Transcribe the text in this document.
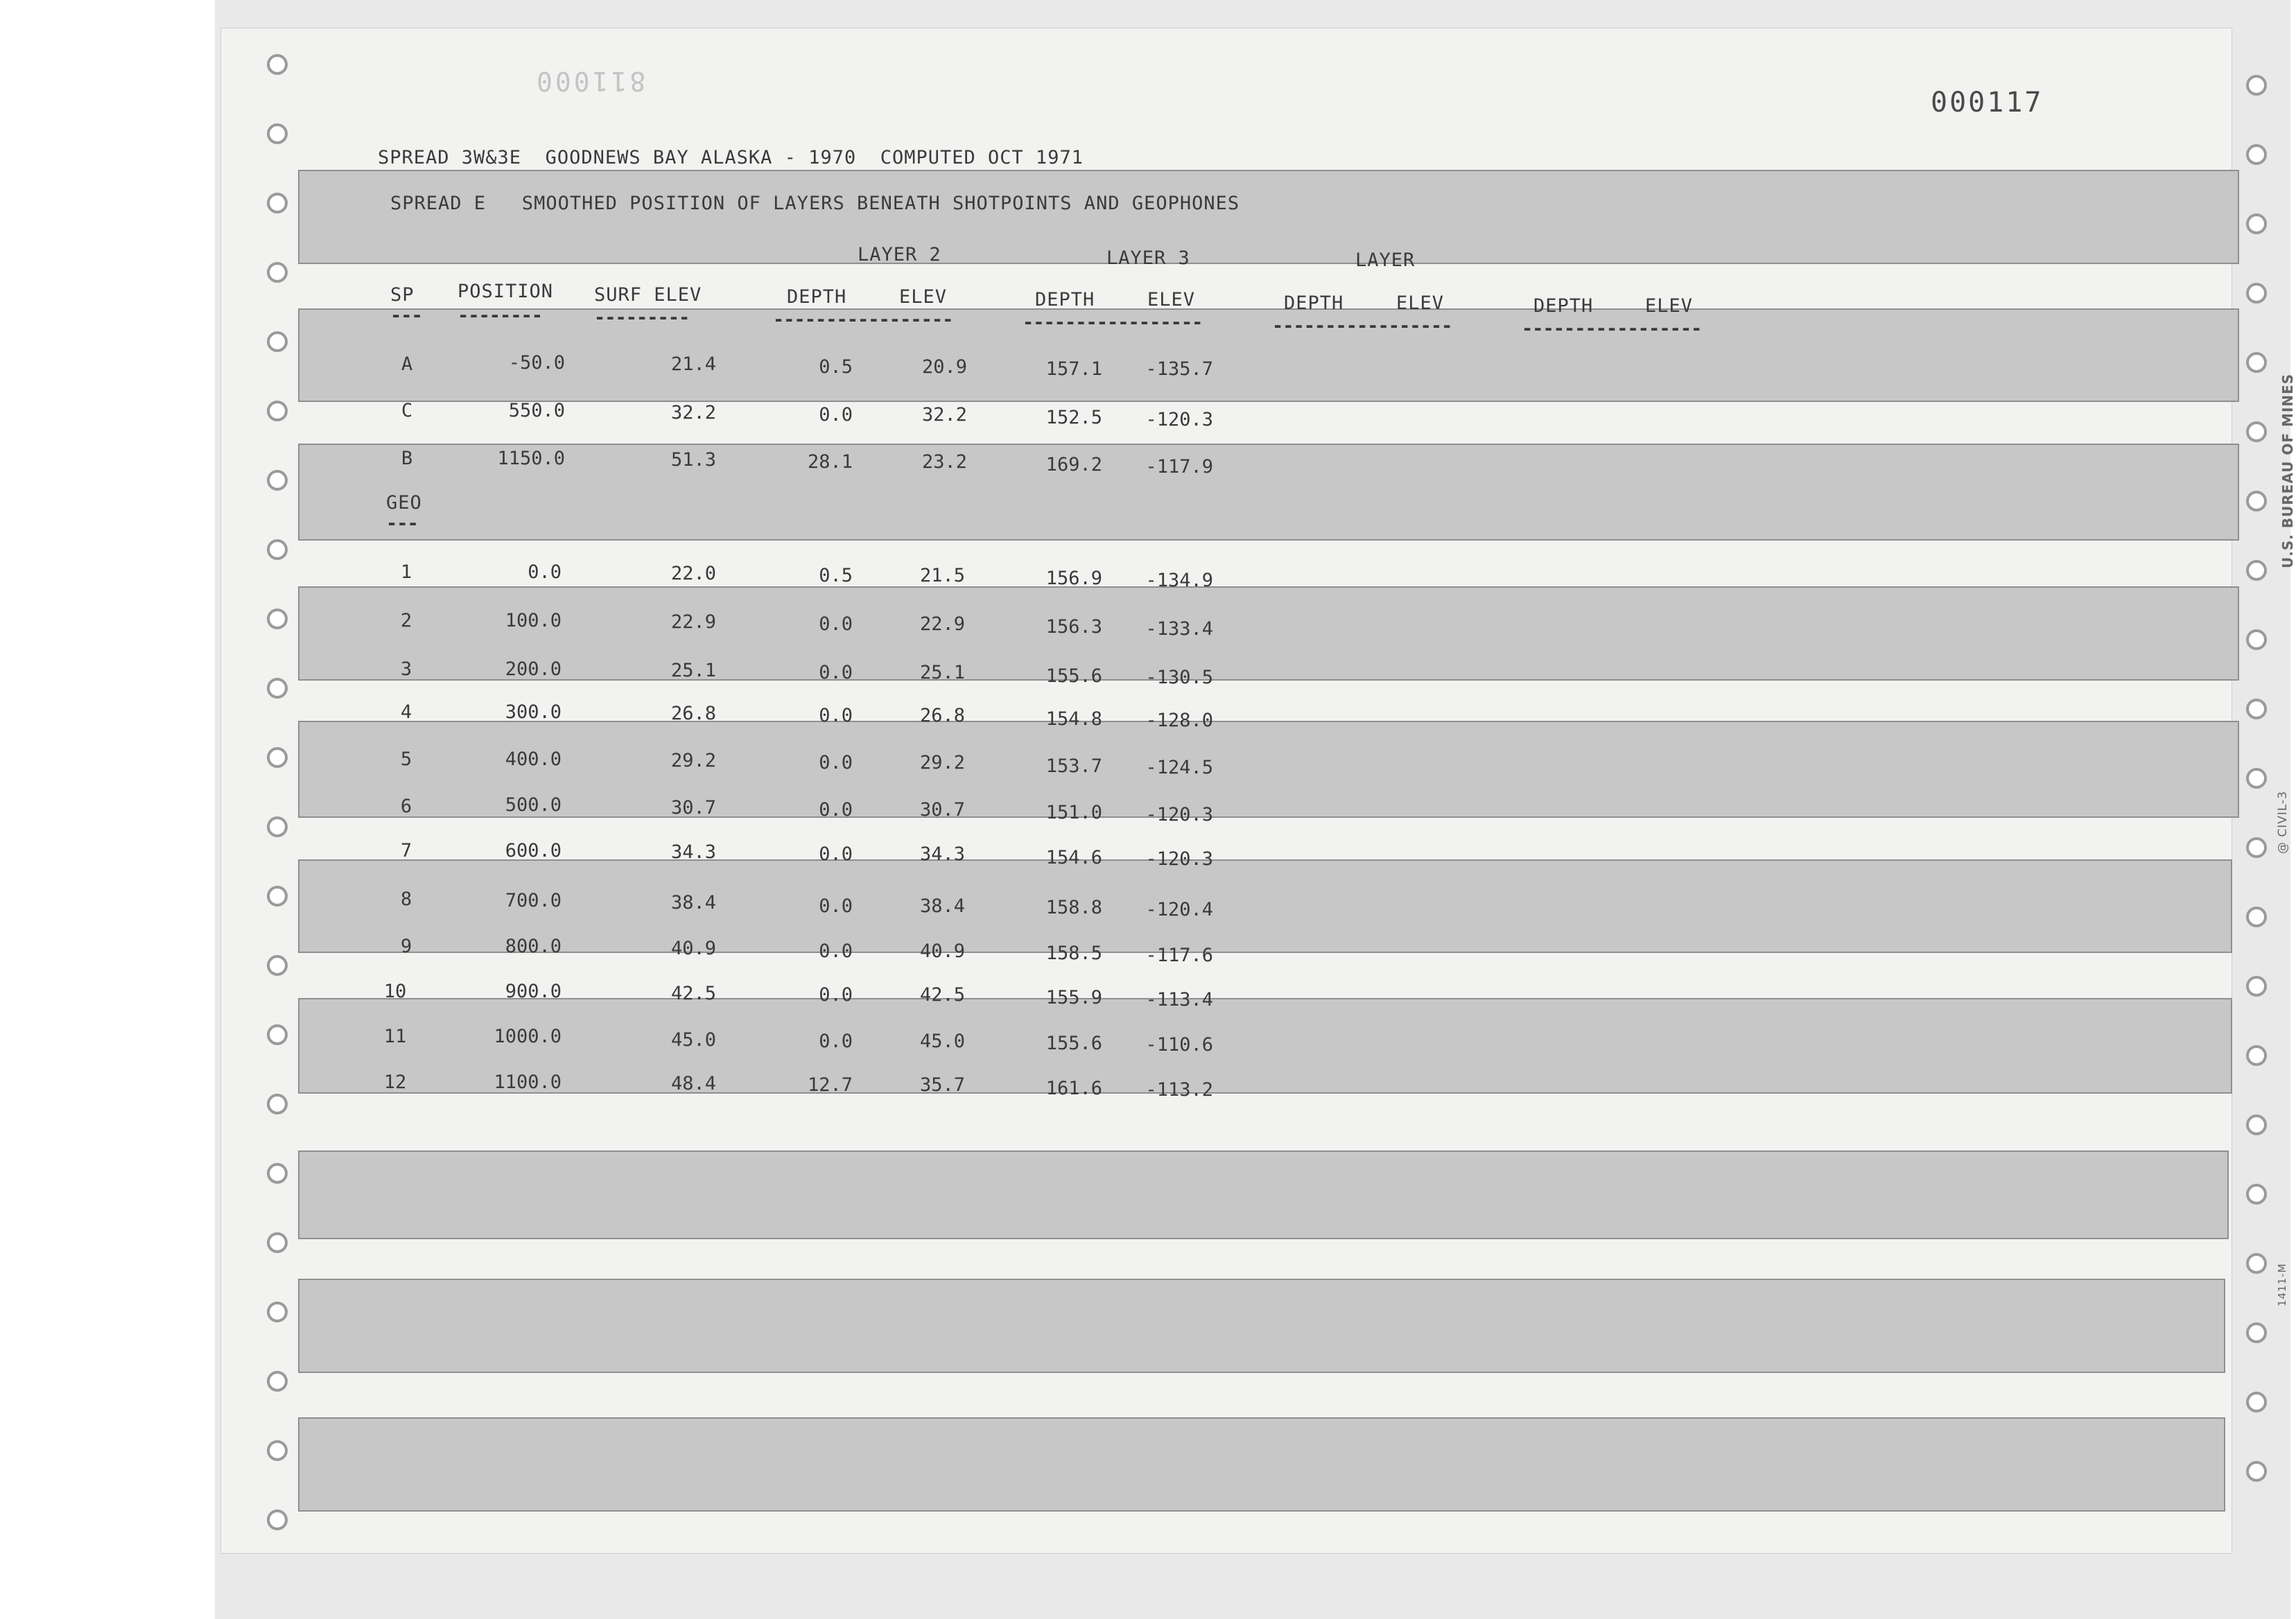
U.S. BUREAU OF MINES
@ CIVIL-3
1411-M
811000
000117
SPREAD 3W&3E  GOODNEWS BAY ALASKA - 1970  COMPUTED OCT 1971
SPREAD E   SMOOTHED POSITION OF LAYERS BENEATH SHOTPOINTS AND GEOPHONES
LAYER 2	LAYER 3	LAYER
SP POSITION SURF ELEV	DEPTH	ELEV	DEPTH	ELEV	DEPTH	ELEV	DEPTH	ELEV
--- --------	---------	-----------------	-----------------	-----------------	-----------------
A	-50.0	21.4	0.5	20.9	157.1	-135.7
C	550.0	32.2	0.0	32.2	152.5	-120.3
B	1150.0	51.3	28.1	23.2	169.2	-117.9
GEO
---
1	0.0	22.0	0.5	21.5	156.9	-134.9
2	100.0	22.9	0.0	22.9	156.3	-133.4
3	200.0	25.1	0.0	25.1	155.6	-130.5
4	300.0	26.8	0.0	26.8	154.8	-128.0
5	400.0	29.2	0.0	29.2	153.7	-124.5
6	500.0	30.7	0.0	30.7	151.0	-120.3
7	600.0	34.3	0.0	34.3	154.6	-120.3
8	700.0	38.4	0.0	38.4	158.8	-120.4
9	800.0	40.9	0.0	40.9	158.5	-117.6
10	900.0	42.5	0.0	42.5	155.9	-113.4
11	1000.0	45.0	0.0	45.0	155.6	-110.6
12	1100.0	48.4	12.7	35.7	161.6	-113.2
